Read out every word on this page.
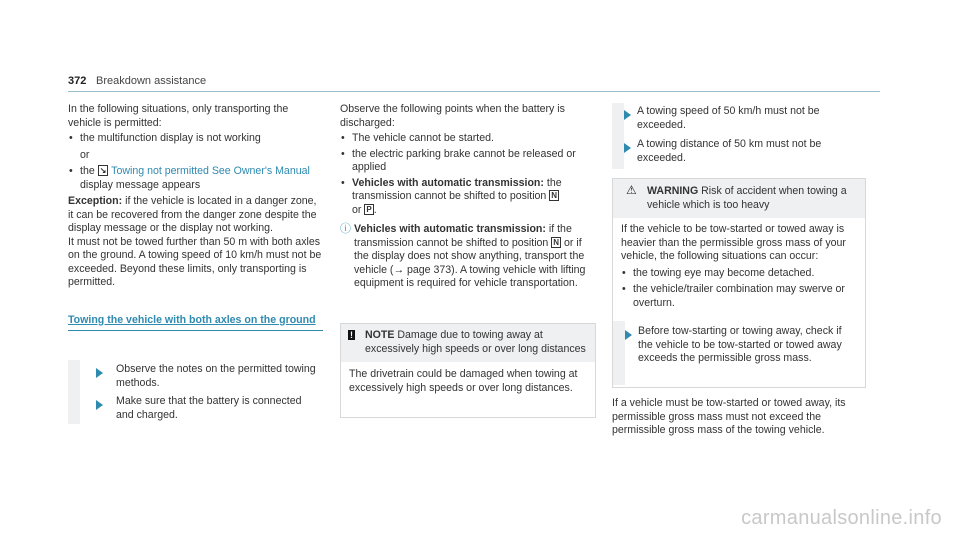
372 Breakdown assistance

In the following situations, only transporting the vehicle is permitted:

• the multifunction display is not working

or

• the ↘ Towing not permitted See Owner's Manual display message appears

Exception: if the vehicle is located in a danger zone, it can be recovered from the danger zone despite the display message or the display not working.

It must not be towed further than 50 m with both axles on the ground. A towing speed of 10 km/h must not be exceeded. Beyond these limits, only transporting is permitted.

Towing the vehicle with both axles on the ground

Observe the notes on the permitted towing methods.

Make sure that the battery is connected and charged.

Observe the following points when the battery is discharged:

• The vehicle cannot be started.

• the electric parking brake cannot be released or applied

• Vehicles with automatic transmission: the transmission cannot be shifted to position N
or P .

ⓘ Vehicles with automatic transmission: if the transmission cannot be shifted to position N or if the display does not show anything, transport the vehicle (→ page 373). A towing vehicle with lifting equipment is required for vehicle transportation.

! NOTE Damage due to towing away at excessively high speeds or over long distances

The drivetrain could be damaged when towing at excessively high speeds or over long distances.

A towing speed of 50 km/h must not be exceeded.

A towing distance of 50 km must not be exceeded.

⚠ WARNING Risk of accident when towing a vehicle which is too heavy

If the vehicle to be tow-started or towed away is heavier than the permissible gross mass of your vehicle, the following situations can occur:

• the towing eye may become detached.

• the vehicle/trailer combination may swerve or overturn.

Before tow-starting or towing away, check if the vehicle to be tow-started or towed away exceeds the permissible gross mass.

If a vehicle must be tow-started or towed away, its permissible gross mass must not exceed the permissible gross mass of the towing vehicle.

carmanualsonline.info
